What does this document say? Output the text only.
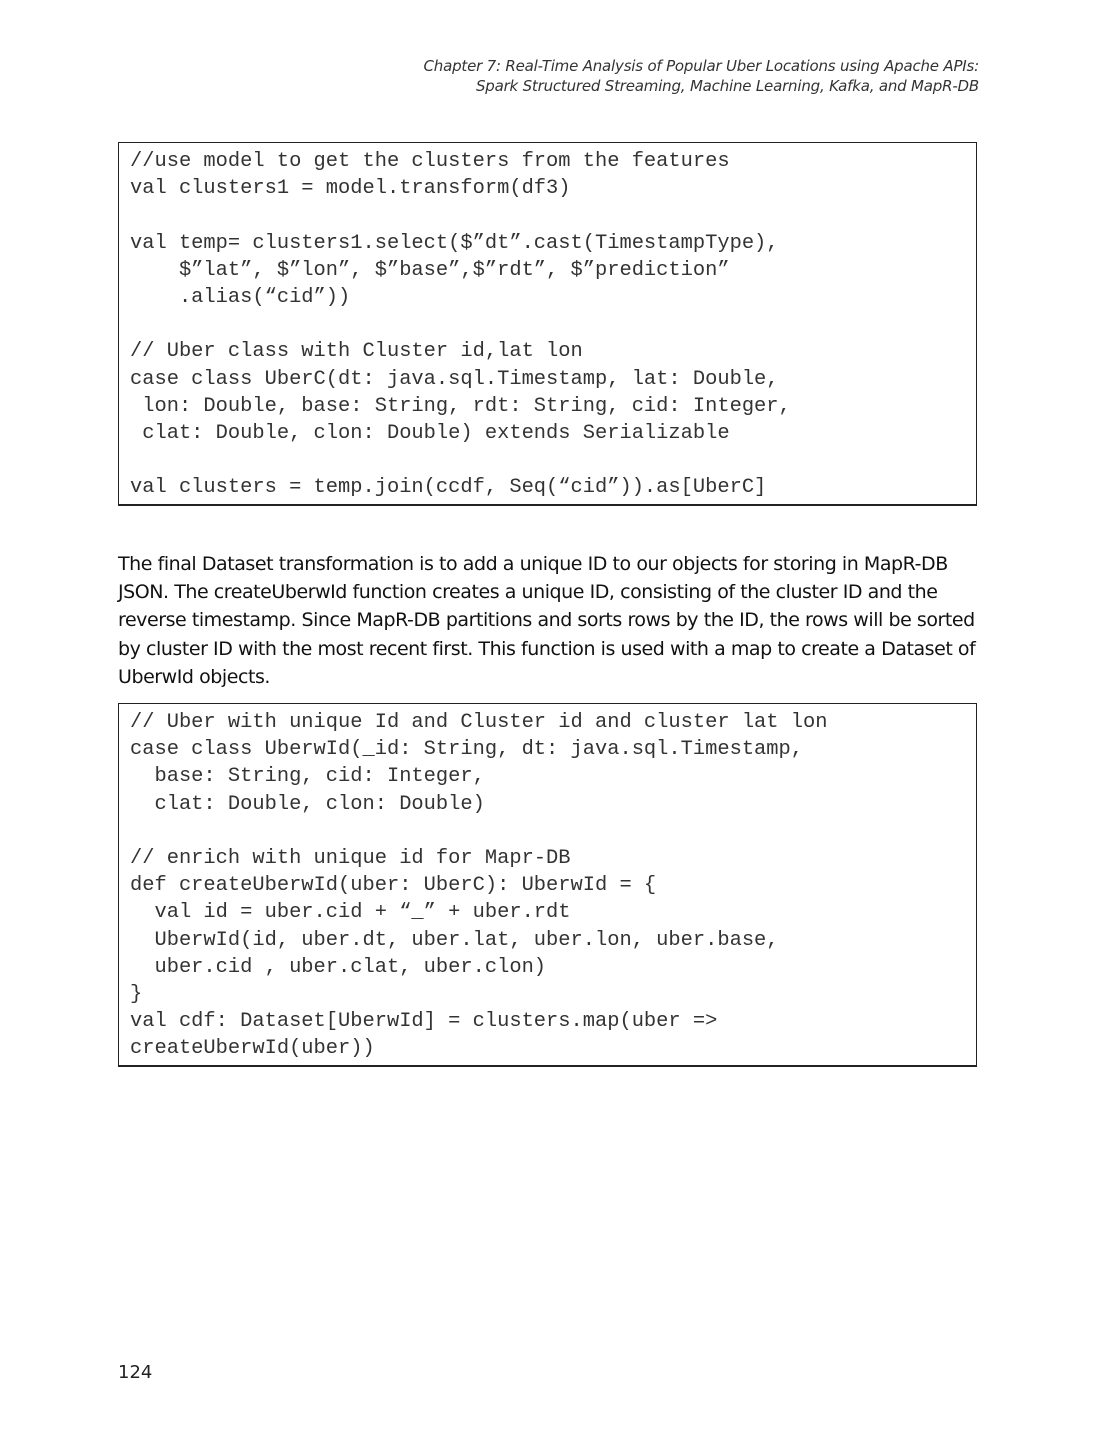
Chapter 7: Real-Time Analysis of Popular Uber Locations using Apache APIs:
Spark Structured Streaming, Machine Learning, Kafka, and MapR-DB
//use model to get the clusters from the features
val clusters1 = model.transform(df3)
val temp= clusters1.select($”dt”.cast(TimestampType),
$”lat”, $”lon”, $”base”,$”rdt”, $”prediction”
.alias(“cid”))
// Uber class with Cluster id,lat lon
case class UberC(dt: java.sql.Timestamp, lat: Double,
lon: Double, base: String, rdt: String, cid: Integer,
clat: Double, clon: Double) extends Serializable
val clusters = temp.join(ccdf, Seq(“cid”)).as[UberC]

The final Dataset transformation is to add a unique ID to our objects for storing in MapR-DB JSON. The createUberwId function creates a unique ID, consisting of the cluster ID and the reverse timestamp. Since MapR-DB partitions and sorts rows by the ID, the rows will be sorted by cluster ID with the most recent first. This function is used with a map to create a Dataset of UberwId objects.

// Uber with unique Id and Cluster id and cluster lat lon
case class UberwId(_id: String, dt: java.sql.Timestamp,
base: String, cid: Integer,
clat: Double, clon: Double)
// enrich with unique id for Mapr-DB
def createUberwId(uber: UberC): UberwId = {
val id = uber.cid + “_” + uber.rdt
UberwId(id, uber.dt, uber.lat, uber.lon, uber.base,
uber.cid , uber.clat, uber.clon)
}
val cdf: Dataset[UberwId] = clusters.map(uber =>
createUberwId(uber))
124
